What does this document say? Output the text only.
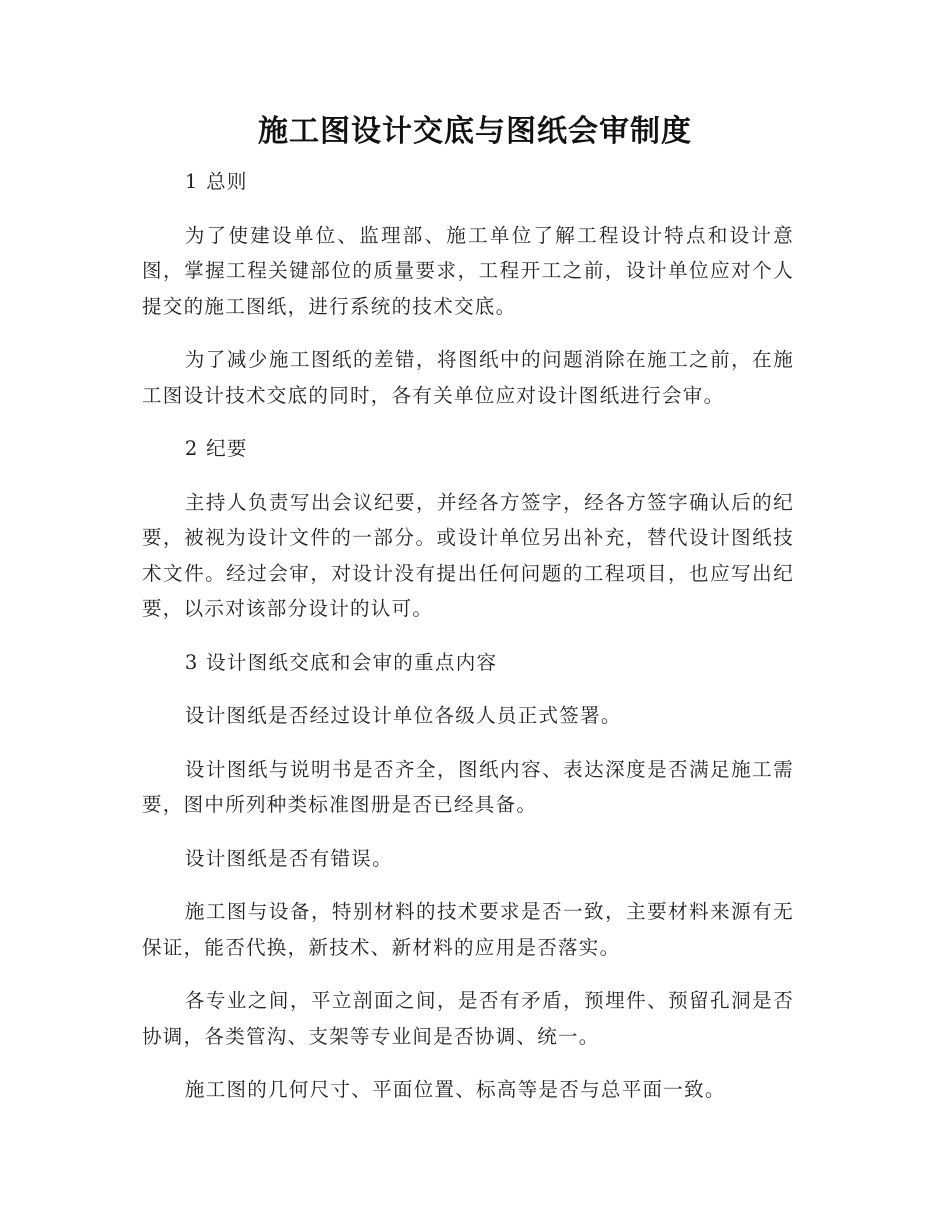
施工图设计交底与图纸会审制度

1 总则

为了使建设单位、监理部、施工单位了解工程设计特点和设计意图，掌握工程关键部位的质量要求，工程开工之前，设计单位应对个人提交的施工图纸，进行系统的技术交底。

为了减少施工图纸的差错，将图纸中的问题消除在施工之前，在施工图设计技术交底的同时，各有关单位应对设计图纸进行会审。

2 纪要

主持人负责写出会议纪要，并经各方签字，经各方签字确认后的纪要，被视为设计文件的一部分。或设计单位另出补充，替代设计图纸技术文件。经过会审，对设计没有提出任何问题的工程项目，也应写出纪要，以示对该部分设计的认可。

3 设计图纸交底和会审的重点内容

设计图纸是否经过设计单位各级人员正式签署。

设计图纸与说明书是否齐全，图纸内容、表达深度是否满足施工需要，图中所列种类标准图册是否已经具备。

设计图纸是否有错误。

施工图与设备，特别材料的技术要求是否一致，主要材料来源有无保证，能否代换，新技术、新材料的应用是否落实。

各专业之间，平立剖面之间，是否有矛盾，预埋件、预留孔洞是否协调，各类管沟、支架等专业间是否协调、统一。

施工图的几何尺寸、平面位置、标高等是否与总平面一致。
